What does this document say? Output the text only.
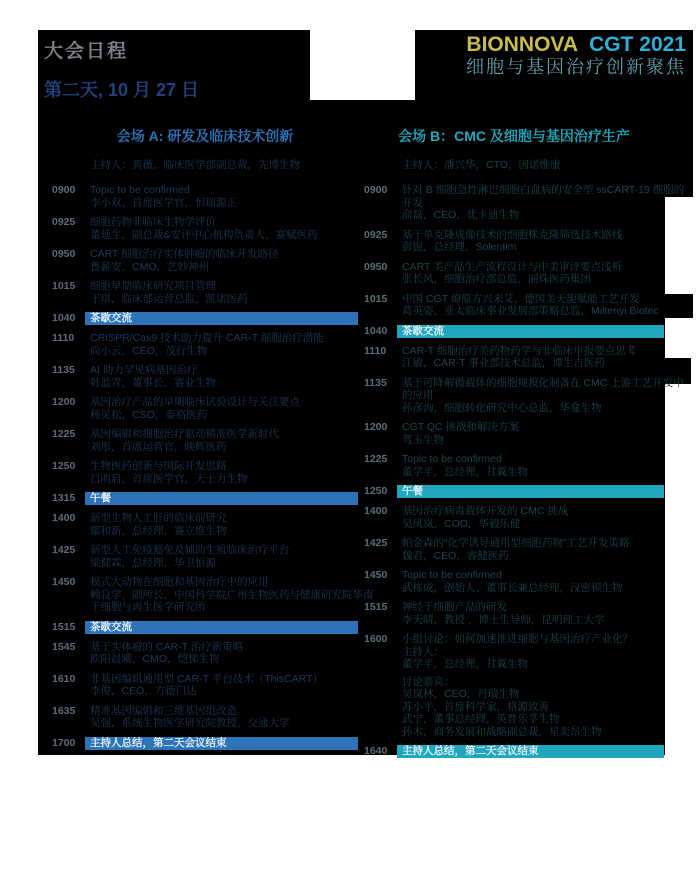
大会日程
第二天, 10 月 27 日
BIONNOVA CGT 2021
细胞与基因治疗创新聚焦
会场 A: 研发及临床技术创新
主持人：黄薇，临床医学部副总裁，先博生物
0900	Topic to be confirmed
李小双，首席医学官，恒瑞源正
0925	细胞药物非临床生物学评价
董延生，副总裁&安评中心机构负责人，赛赋医药
0950	CART 细胞治疗实体肿瘤的临床开发路径
鲁薪安，CMO，艺妙神州
1015	细胞早期临床研究项目管理
于琪，临床部运营总监，凯诺医药
1040	茶歇交流
1110	CRISPR/Cas9 技术助力提升 CAR-T 细胞治疗潜能
尚小云，CEO，茂行生物
1135	AI 助力罕见病基因治疗
韩蓝青，董事长，赛业生物
1200	基因治疗产品的早期临床试验设计与关注要点
杨见松，CSO，泰格医药
1225	基因编辑和细胞治疗驱动精准医学新时代
刘彤，首席运营官，映辉医药
1250	生物医药创新与国际开发思路
吕明启，首席医学官，天士力生物
1315	午餐
1400	新型生物人工肝的临床前研究
鄢和新，总经理，赛立维生物
1425	新型人工免疫豁免及辅助生殖临床治疗平台
梁健霖，总经理，华卫恒源
1450	模式大动物在细胞和基因治疗中的应用
赖良学，副所长，中国科学院广州生物医药与健康研究院华南
干细胞与再生医学研究所
1515	茶歇交流
1545	基于实体瘤的 CAR-T 治疗新策略
欧阳晨曦，CMO，恺悌生物
1610	非基因编辑通用型 CAR-T 平台技术（ThisCART）
李俊，CEO，方德门达
1635	精准基因编辑和三维基因组改造
吴强，系统生物医学研究院教授，交通大学
1700	主持人总结，第二天会议结束
会场 B：CMC 及细胞与基因治疗生产
主持人：潘兴华，CTO，因诺惟康
0900	针对 B 细胞急性淋巴细胞白血病的安全型 ssCART-19 细胞的
开发
俞磊，CEO，优卡迪生物
0925	基于单克隆成像技术的细胞株克隆筛选技术路线
彭锟，总经理，Solentim
0950	CART 类产品生产流程设计与中美审评要点浅析
张长风，细胞治疗部总监，丽珠医药集团
1015	中国 CGT 燎原方兴未艾，德国美天旎赋能工艺开发
葛英姿，亚太临床事业发展部策略总监，Miltenyi Biotec
1040	茶歇交流
1110	CAR-T 细胞治疗类药物药学与非临床申报要点思考
江敏，CAR-T 事业部技术总监，博生吉医药
1135	基于可降解微载体的细胞规模化制备在 CMC 上游工艺开发中
的应用
孙彦洵，细胞转化研究中心总监，华龛生物
1200	CGT QC 挑战和解决方案
驾玉生物
1225	Topic to be confirmed
董学平，总经理，甘翼生物
1250	午餐
1400	基因治疗病毒载体开发的 CMC 挑战
吴凤岚，COO，华毅乐健
1425	帕金森的“化学诱导通用型细胞药物”工艺开发策略
魏君，CEO，睿健医药
1450	Topic to be confirmed
武栋成，创始人、董事长兼总经理，汉密顿生物
1515	神经干细胞产品的研发
李天晴，教授 ，博士生导师，昆明理工大学
1600	小组讨论：如何加速推进细胞与基因治疗产业化？
主持人：
董学平，总经理，甘翼生物
讨论嘉宾：
吴岚林，CEO，丹瑞生物
苏小平，首席科学家，格源致善
武宁，董事总经理，英普乐孚生物
孙木，商务发展和战略副总裁，星奕昂生物
1640	主持人总结，第二天会议结束
